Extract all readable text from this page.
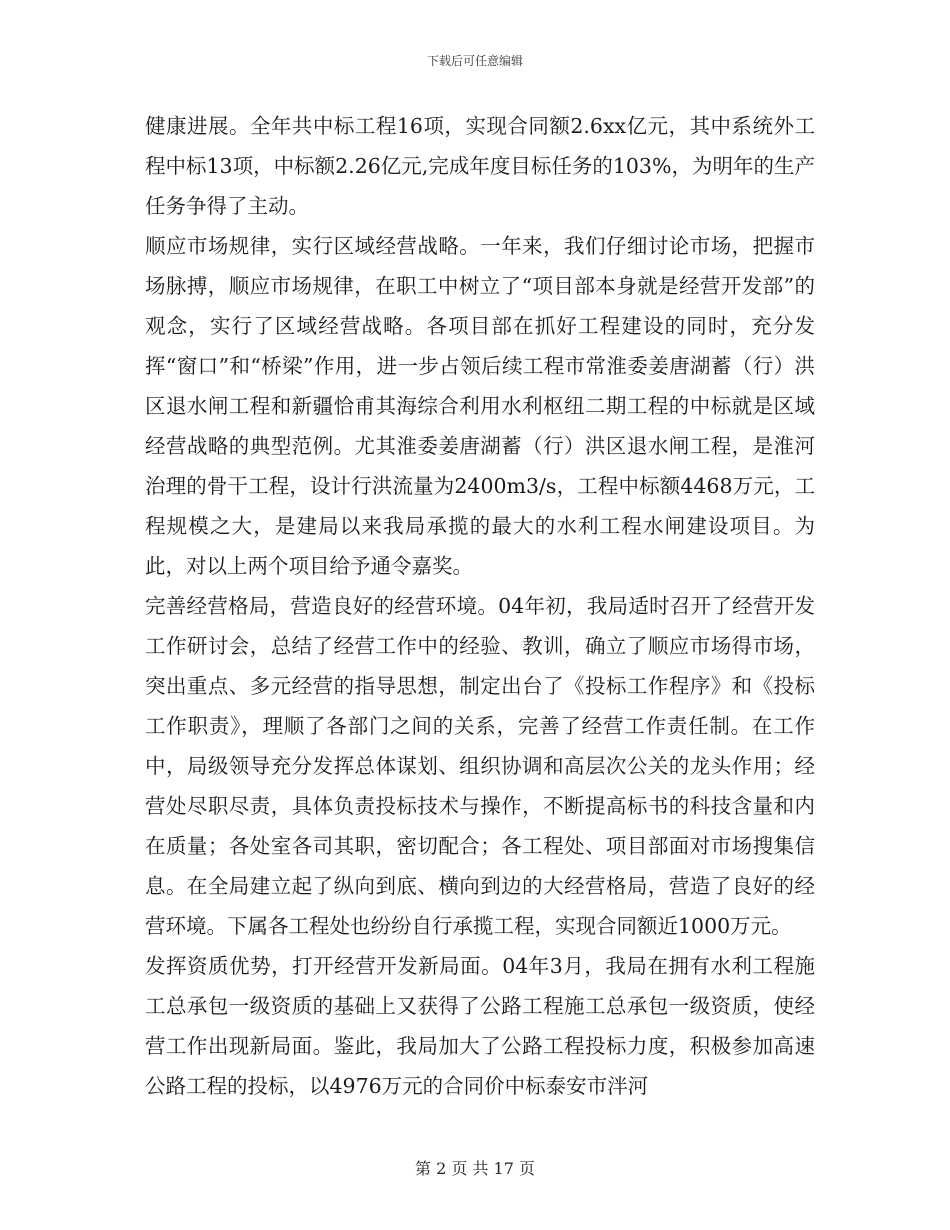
下载后可任意编辑

健康进展。全年共中标工程16项，实现合同额2.6xx亿元，其中系统外工程中标13项，中标额2.26亿元,完成年度目标任务的103%，为明年的生产任务争得了主动。

顺应市场规律，实行区域经营战略。一年来，我们仔细讨论市场，把握市场脉搏，顺应市场规律，在职工中树立了“项目部本身就是经营开发部”的观念，实行了区域经营战略。各项目部在抓好工程建设的同时，充分发挥“窗口”和“桥梁”作用，进一步占领后续工程市常淮委姜唐湖蓄（行）洪区退水闸工程和新疆恰甫其海综合利用水利枢纽二期工程的中标就是区域经营战略的典型范例。尤其淮委姜唐湖蓄（行）洪区退水闸工程，是淮河治理的骨干工程，设计行洪流量为2400m3/s，工程中标额4468万元，工程规模之大，是建局以来我局承揽的最大的水利工程水闸建设项目。为此，对以上两个项目给予通令嘉奖。

完善经营格局，营造良好的经营环境。04年初，我局适时召开了经营开发工作研讨会，总结了经营工作中的经验、教训，确立了顺应市场得市场，突出重点、多元经营的指导思想，制定出台了《投标工作程序》和《投标工作职责》，理顺了各部门之间的关系，完善了经营工作责任制。在工作中，局级领导充分发挥总体谋划、组织协调和高层次公关的龙头作用；经营处尽职尽责，具体负责投标技术与操作，不断提高标书的科技含量和内在质量；各处室各司其职，密切配合；各工程处、项目部面对市场搜集信息。在全局建立起了纵向到底、横向到边的大经营格局，营造了良好的经营环境。下属各工程处也纷纷自行承揽工程，实现合同额近1000万元。

发挥资质优势，打开经营开发新局面。04年3月，我局在拥有水利工程施工总承包一级资质的基础上又获得了公路工程施工总承包一级资质，使经营工作出现新局面。鉴此，我局加大了公路工程投标力度，积极参加高速公路工程的投标，以4976万元的合同价中标泰安市泮河

第 2 页 共 17 页
